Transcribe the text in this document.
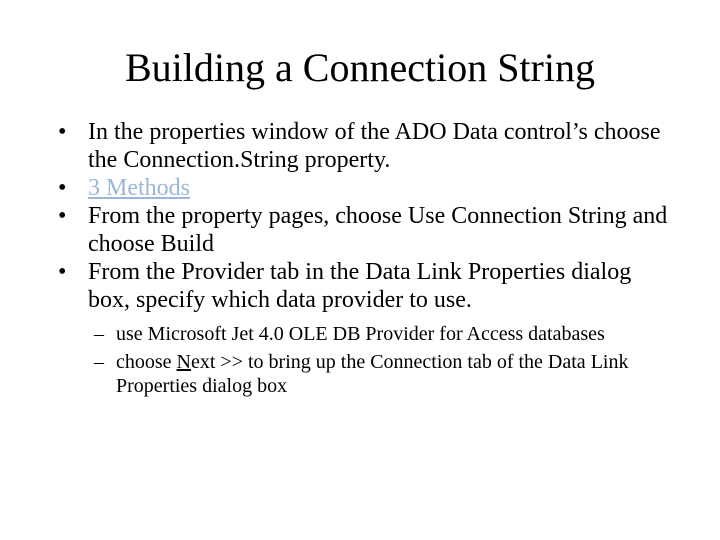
Building a Connection String
• In the properties window of the ADO Data control’s choose the Connection.String property.
• 3 Methods
• From the property pages, choose Use Connection String and choose Build
• From the Provider tab in the Data Link Properties dialog box, specify which data provider to use.
– use Microsoft Jet 4.0 OLE DB Provider for Access databases
– choose Next >> to bring up the Connection tab of the Data Link Properties dialog box
